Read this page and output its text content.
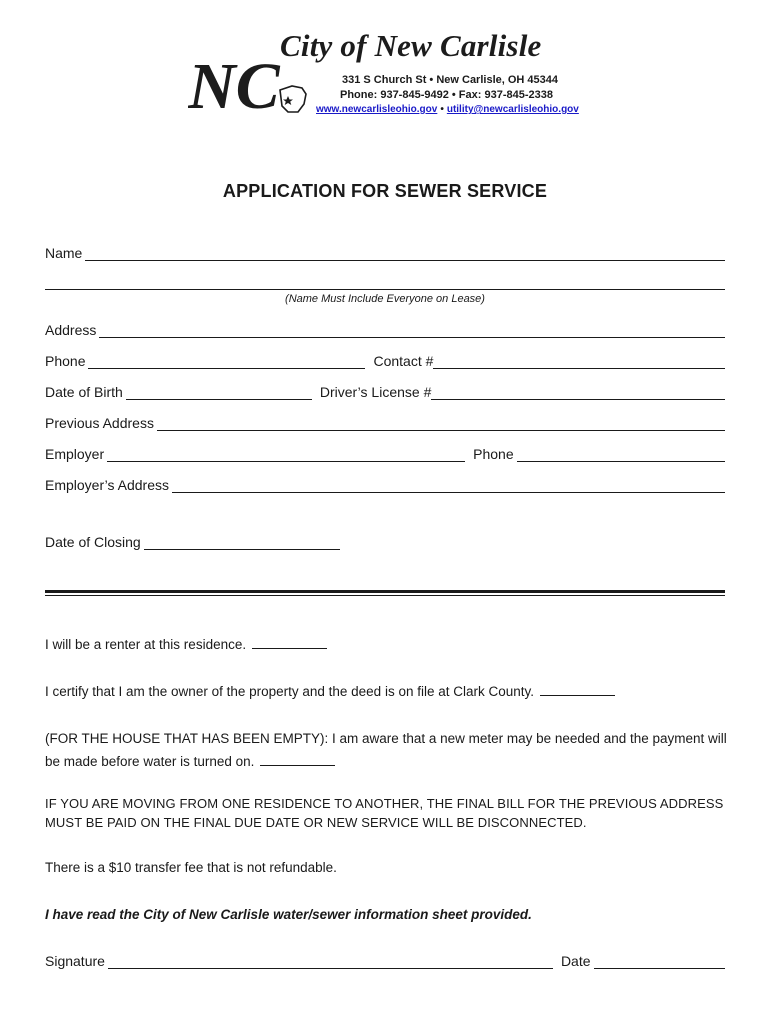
NC
City of New Carlisle
331 S Church St • New Carlisle, OH 45344
Phone: 937-845-9492 • Fax: 937-845-2338
www.newcarlisleohio.gov • utility@newcarlisleohio.gov
APPLICATION FOR SEWER SERVICE
Name
(Name Must Include Everyone on Lease)
Address
Phone	Contact #
Date of Birth	Driver’s License #
Previous Address
Employer	Phone
Employer’s Address
Date of Closing
I will be a renter at this residence.
I certify that I am the owner of the property and the deed is on file at Clark County.
(FOR THE HOUSE THAT HAS BEEN EMPTY): I am aware that a new meter may be needed and the payment will
be made before water is turned on.
IF YOU ARE MOVING FROM ONE RESIDENCE TO ANOTHER, THE FINAL BILL FOR THE PREVIOUS ADDRESS
MUST BE PAID ON THE FINAL DUE DATE OR NEW SERVICE WILL BE DISCONNECTED.
There is a $10 transfer fee that is not refundable.
I have read the City of New Carlisle water/sewer information sheet provided.
Signature	Date
